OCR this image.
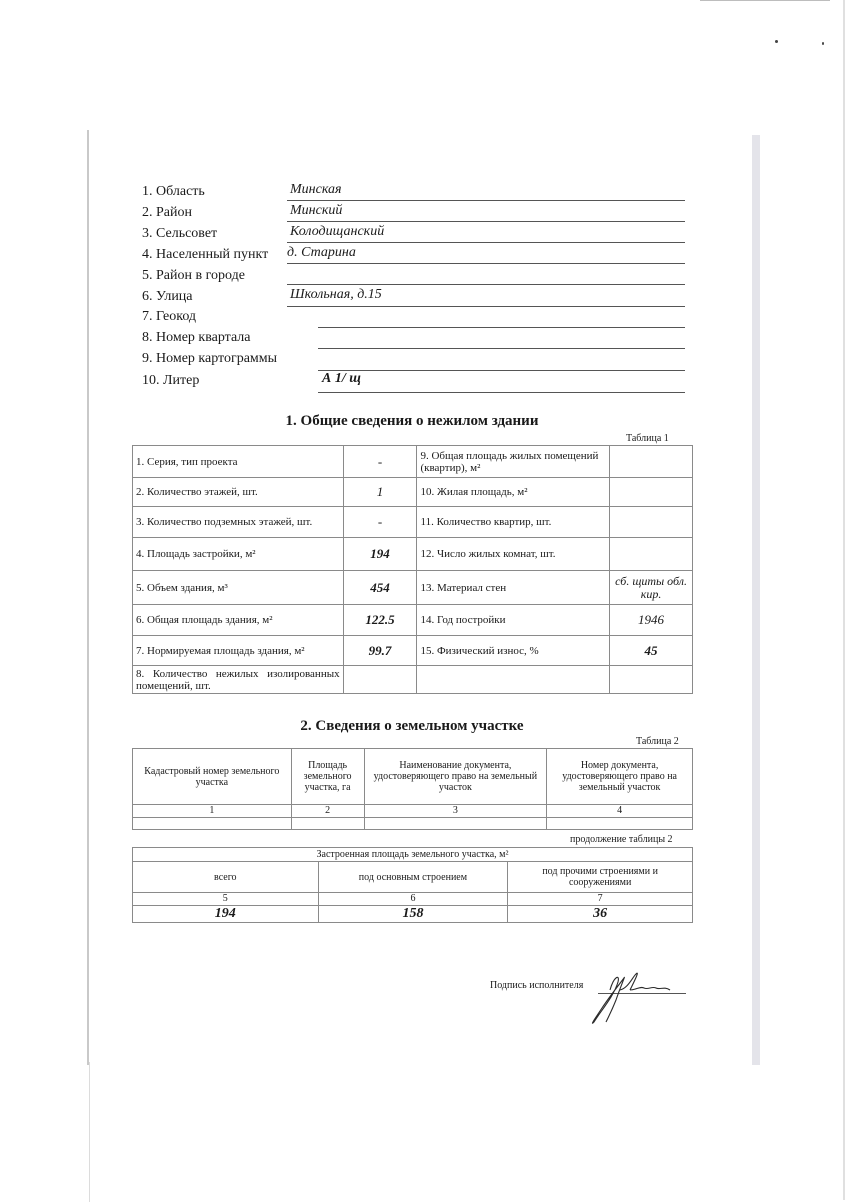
1. Область	Минская
2. Район	Минский
3. Сельсовет	Колодищанский
4. Населенный пункт д. Старина
5. Район в городе
6. Улица	Школьная, д.15
7. Геокод
8. Номер квартала
9. Номер картограммы
10. Литер	А 1/ щ
1. Общие сведения о нежилом здании
Таблица 1
1. Серия, тип проекта	-	9. Общая площадь жилых помещений (квартир), м²	
2. Количество этажей, шт.	1	10. Жилая площадь, м²	
3. Количество подземных этажей, шт.	-	11. Количество квартир, шт.	
4. Площадь застройки, м²	194	12. Число жилых комнат, шт.	
5. Объем здания, м³	454	13. Материал стен	сб. щиты обл. кир.
6. Общая площадь здания, м²	122.5	14. Год постройки	1946
7. Нормируемая площадь здания, м²	99.7	15. Физический износ, %	45
8. Количество нежилых изолированных помещений, шт.			
2. Сведения о земельном участке
Таблица 2
Кадастровый номер земельного участка	Площадь земельного участка, га	Наименование документа, удостоверяющего право на земельный участок	Номер документа, удостоверяющего право на земельный участок
1	2	3	4

продолжение таблицы 2
Застроенная площадь земельного участка, м²		
всего	под основным строением	под прочими строениями и сооружениями
5	6	7
194	158	36
Подпись исполнителя
